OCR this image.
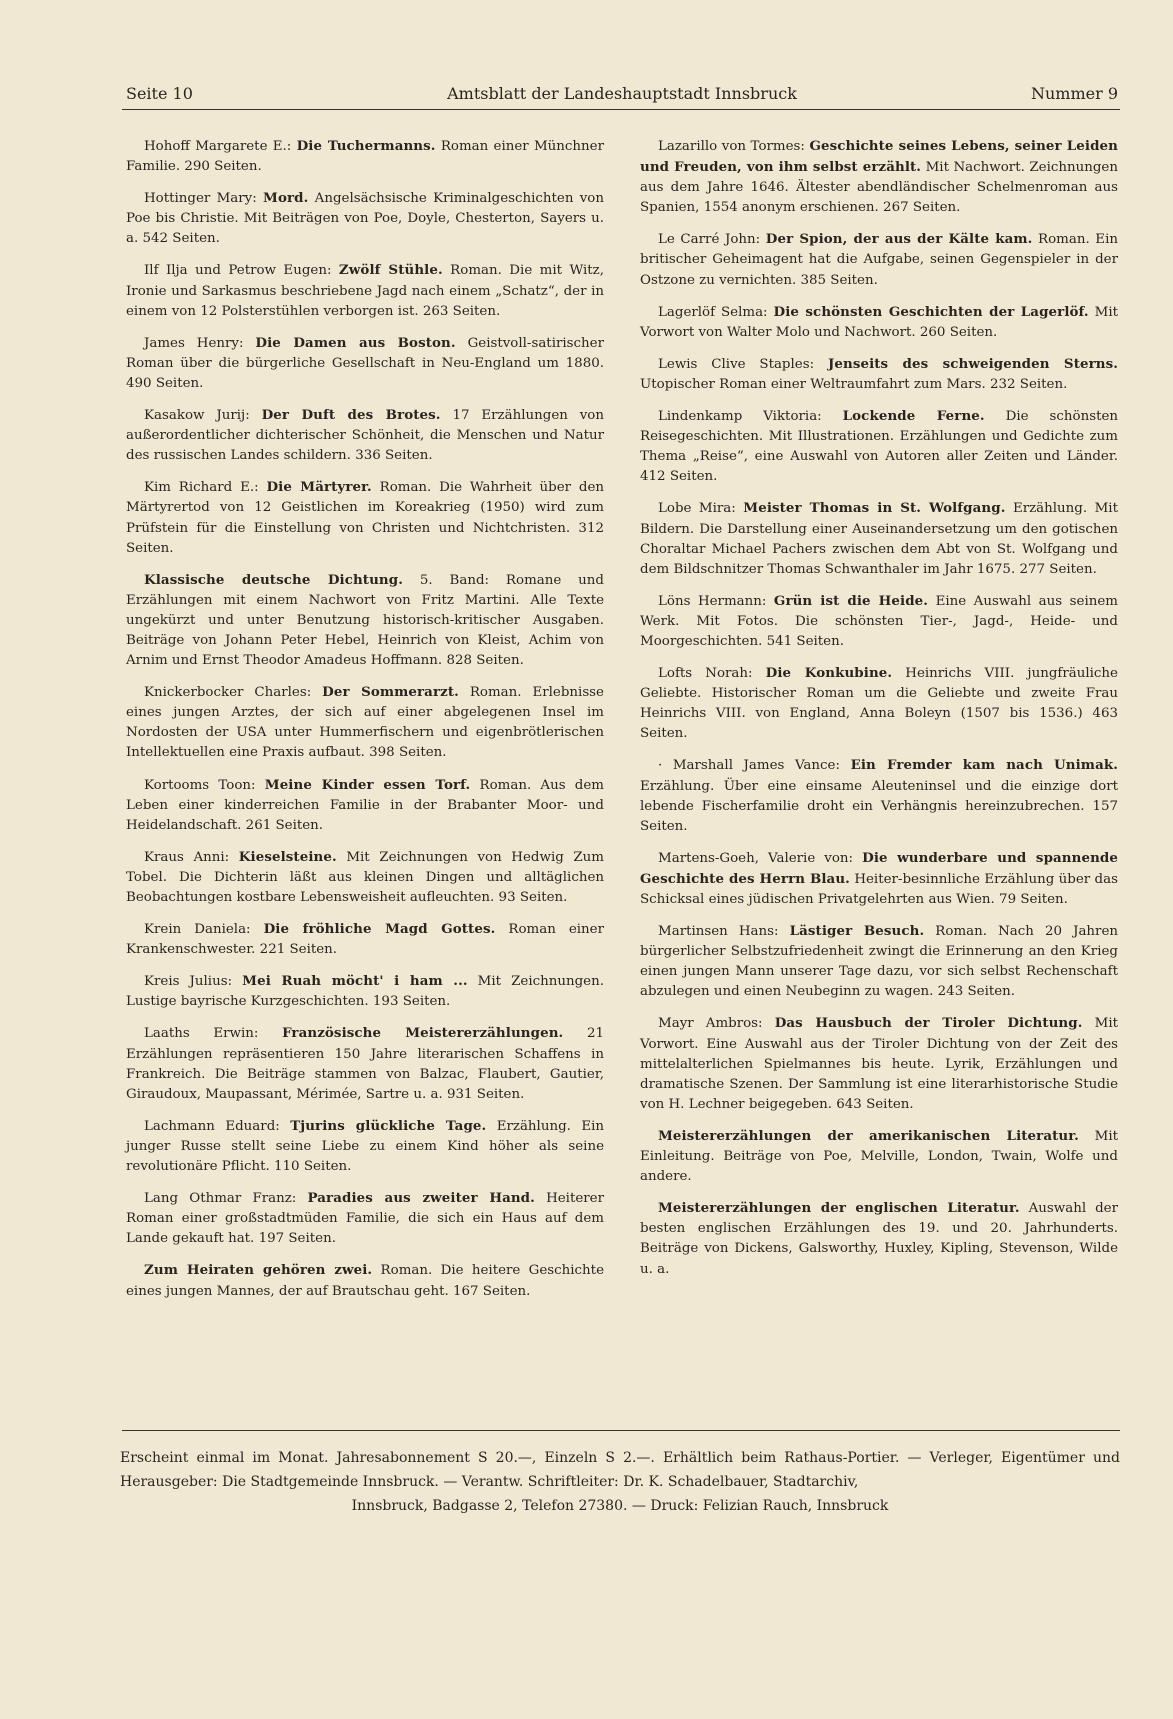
Seite 10	Amtsblatt der Landeshauptstadt Innsbruck	Nummer 9

Hohoff Margarete E.: Die Tuchermanns. Roman einer Münchner Familie. 290 Seiten.

Hottinger Mary: Mord. Angelsächsische Kriminalgeschichten von Poe bis Christie. Mit Beiträgen von Poe, Doyle, Chesterton, Sayers u. a. 542 Seiten.

Ilf Ilja und Petrow Eugen: Zwölf Stühle. Roman. Die mit Witz, Ironie und Sarkasmus beschriebene Jagd nach einem „Schatz“, der in einem von 12 Polsterstühlen verborgen ist. 263 Seiten.

James Henry: Die Damen aus Boston. Geistvoll-satirischer Roman über die bürgerliche Gesellschaft in Neu-England um 1880. 490 Seiten.

Kasakow Jurij: Der Duft des Brotes. 17 Erzählungen von außerordentlicher dichterischer Schönheit, die Menschen und Natur des russischen Landes schildern. 336 Seiten.

Kim Richard E.: Die Märtyrer. Roman. Die Wahrheit über den Märtyrertod von 12 Geistlichen im Koreakrieg (1950) wird zum Prüfstein für die Einstellung von Christen und Nichtchristen. 312 Seiten.

Klassische deutsche Dichtung. 5. Band: Romane und Erzählungen mit einem Nachwort von Fritz Martini. Alle Texte ungekürzt und unter Benutzung historisch-kritischer Ausgaben. Beiträge von Johann Peter Hebel, Heinrich von Kleist, Achim von Arnim und Ernst Theodor Amadeus Hoffmann. 828 Seiten.

Knickerbocker Charles: Der Sommerarzt. Roman. Erlebnisse eines jungen Arztes, der sich auf einer abgelegenen Insel im Nordosten der USA unter Hummerfischern und eigenbrötlerischen Intellektuellen eine Praxis aufbaut. 398 Seiten.

Kortooms Toon: Meine Kinder essen Torf. Roman. Aus dem Leben einer kinderreichen Familie in der Brabanter Moor- und Heidelandschaft. 261 Seiten.

Kraus Anni: Kieselsteine. Mit Zeichnungen von Hedwig Zum Tobel. Die Dichterin läßt aus kleinen Dingen und alltäglichen Beobachtungen kostbare Lebensweisheit aufleuchten. 93 Seiten.

Krein Daniela: Die fröhliche Magd Gottes. Roman einer Krankenschwester. 221 Seiten.

Kreis Julius: Mei Ruah möcht' i ham ... Mit Zeichnungen. Lustige bayrische Kurzgeschichten. 193 Seiten.

Laaths Erwin: Französische Meistererzählungen. 21 Erzählungen repräsentieren 150 Jahre literarischen Schaffens in Frankreich. Die Beiträge stammen von Balzac, Flaubert, Gautier, Giraudoux, Maupassant, Mérimée, Sartre u. a. 931 Seiten.

Lachmann Eduard: Tjurins glückliche Tage. Erzählung. Ein junger Russe stellt seine Liebe zu einem Kind höher als seine revolutionäre Pflicht. 110 Seiten.

Lang Othmar Franz: Paradies aus zweiter Hand. Heiterer Roman einer großstadtmüden Familie, die sich ein Haus auf dem Lande gekauft hat. 197 Seiten.

Zum Heiraten gehören zwei. Roman. Die heitere Geschichte eines jungen Mannes, der auf Brautschau geht. 167 Seiten.

Lazarillo von Tormes: Geschichte seines Lebens, seiner Leiden und Freuden, von ihm selbst erzählt. Mit Nachwort. Zeichnungen aus dem Jahre 1646. Ältester abendländischer Schelmenroman aus Spanien, 1554 anonym erschienen. 267 Seiten.

Le Carré John: Der Spion, der aus der Kälte kam. Roman. Ein britischer Geheimagent hat die Aufgabe, seinen Gegenspieler in der Ostzone zu vernichten. 385 Seiten.

Lagerlöf Selma: Die schönsten Geschichten der Lagerlöf. Mit Vorwort von Walter Molo und Nachwort. 260 Seiten.

Lewis Clive Staples: Jenseits des schweigenden Sterns. Utopischer Roman einer Weltraumfahrt zum Mars. 232 Seiten.

Lindenkamp Viktoria: Lockende Ferne. Die schönsten Reisegeschichten. Mit Illustrationen. Erzählungen und Gedichte zum Thema „Reise“, eine Auswahl von Autoren aller Zeiten und Länder. 412 Seiten.

Lobe Mira: Meister Thomas in St. Wolfgang. Erzählung. Mit Bildern. Die Darstellung einer Auseinandersetzung um den gotischen Choraltar Michael Pachers zwischen dem Abt von St. Wolfgang und dem Bildschnitzer Thomas Schwanthaler im Jahr 1675. 277 Seiten.

Löns Hermann: Grün ist die Heide. Eine Auswahl aus seinem Werk. Mit Fotos. Die schönsten Tier-, Jagd-, Heide- und Moorgeschichten. 541 Seiten.

Lofts Norah: Die Konkubine. Heinrichs VIII. jungfräuliche Geliebte. Historischer Roman um die Geliebte und zweite Frau Heinrichs VIII. von England, Anna Boleyn (1507 bis 1536.) 463 Seiten.

· Marshall James Vance: Ein Fremder kam nach Unimak. Erzählung. Über eine einsame Aleuteninsel und die einzige dort lebende Fischerfamilie droht ein Verhängnis hereinzubrechen. 157 Seiten.

Martens-Goeh, Valerie von: Die wunderbare und spannende Geschichte des Herrn Blau. Heiter-besinnliche Erzählung über das Schicksal eines jüdischen Privatgelehrten aus Wien. 79 Seiten.

Martinsen Hans: Lästiger Besuch. Roman. Nach 20 Jahren bürgerlicher Selbstzufriedenheit zwingt die Erinnerung an den Krieg einen jungen Mann unserer Tage dazu, vor sich selbst Rechenschaft abzulegen und einen Neubeginn zu wagen. 243 Seiten.

Mayr Ambros: Das Hausbuch der Tiroler Dichtung. Mit Vorwort. Eine Auswahl aus der Tiroler Dichtung von der Zeit des mittelalterlichen Spielmannes bis heute. Lyrik, Erzählungen und dramatische Szenen. Der Sammlung ist eine literarhistorische Studie von H. Lechner beigegeben. 643 Seiten.

Meistererzählungen der amerikanischen Literatur. Mit Einleitung. Beiträge von Poe, Melville, London, Twain, Wolfe und andere.

Meistererzählungen der englischen Literatur. Auswahl der besten englischen Erzählungen des 19. und 20. Jahrhunderts. Beiträge von Dickens, Galsworthy, Huxley, Kipling, Stevenson, Wilde u. a.

Erscheint einmal im Monat. Jahresabonnement S 20.—, Einzeln S 2.—. Erhältlich beim Rathaus-Portier. — Verleger, Eigentümer und Herausgeber: Die Stadtgemeinde Innsbruck. — Verantw. Schriftleiter: Dr. K. Schadelbauer, Stadtarchiv,

Innsbruck, Badgasse 2, Telefon 27380. — Druck: Felizian Rauch, Innsbruck
